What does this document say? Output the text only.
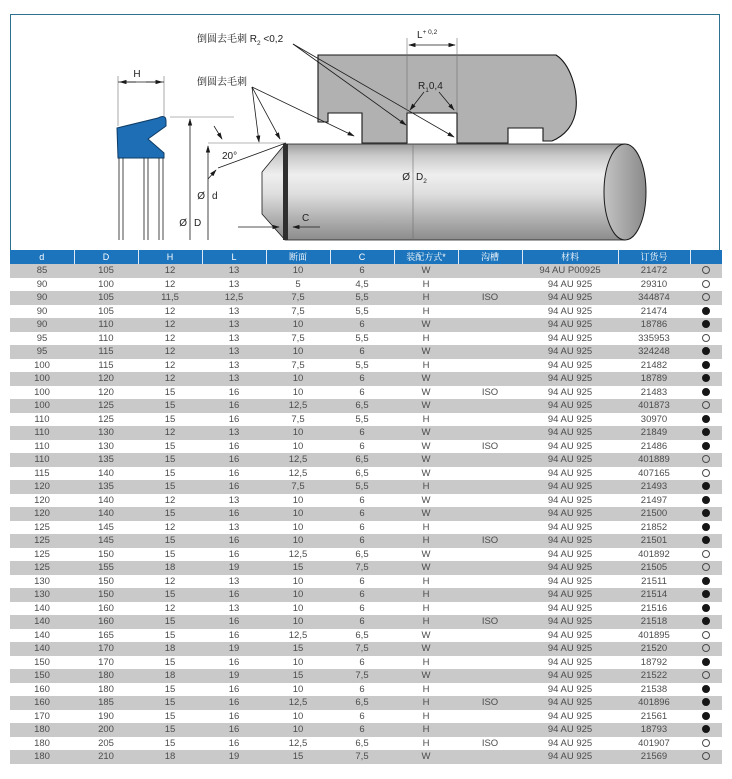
H
倒圆去毛刺 $R_2 <0,2$
倒圆去毛刺
20°
Ø D
Ø d
Ø $D_2$
C
$L^{+ 0,2}$
$R_10,4$
d	D	H	L	断面	C	装配方式*	沟槽	材料	订货号	
85	105	12	13	10	6	W		94 AU P00925	21472	
90	100	12	13	5	4,5	H		94 AU 925	29310	
90	105	11,5	12,5	7,5	5,5	H	ISO	94 AU 925	344874	
90	105	12	13	7,5	5,5	H		94 AU 925	21474	
90	110	12	13	10	6	W		94 AU 925	18786	
95	110	12	13	7,5	5,5	H		94 AU 925	335953	
95	115	12	13	10	6	W		94 AU 925	324248	
100	115	12	13	7,5	5,5	H		94 AU 925	21482	
100	120	12	13	10	6	W		94 AU 925	18789	
100	120	15	16	10	6	W	ISO	94 AU 925	21483	
100	125	15	16	12,5	6,5	W		94 AU 925	401873	
110	125	15	16	7,5	5,5	H		94 AU 925	30970	
110	130	12	13	10	6	W		94 AU 925	21849	
110	130	15	16	10	6	W	ISO	94 AU 925	21486	
110	135	15	16	12,5	6,5	W		94 AU 925	401889	
115	140	15	16	12,5	6,5	W		94 AU 925	407165	
120	135	15	16	7,5	5,5	H		94 AU 925	21493	
120	140	12	13	10	6	W		94 AU 925	21497	
120	140	15	16	10	6	W		94 AU 925	21500	
125	145	12	13	10	6	H		94 AU 925	21852	
125	145	15	16	10	6	H	ISO	94 AU 925	21501	
125	150	15	16	12,5	6,5	W		94 AU 925	401892	
125	155	18	19	15	7,5	W		94 AU 925	21505	
130	150	12	13	10	6	H		94 AU 925	21511	
130	150	15	16	10	6	H		94 AU 925	21514	
140	160	12	13	10	6	H		94 AU 925	21516	
140	160	15	16	10	6	H	ISO	94 AU 925	21518	
140	165	15	16	12,5	6,5	W		94 AU 925	401895	
140	170	18	19	15	7,5	W		94 AU 925	21520	
150	170	15	16	10	6	H		94 AU 925	18792	
150	180	18	19	15	7,5	W		94 AU 925	21522	
160	180	15	16	10	6	H		94 AU 925	21538	
160	185	15	16	12,5	6,5	H	ISO	94 AU 925	401896	
170	190	15	16	10	6	H		94 AU 925	21561	
180	200	15	16	10	6	H		94 AU 925	18793	
180	205	15	16	12,5	6,5	H	ISO	94 AU 925	401907	
180	210	18	19	15	7,5	W		94 AU 925	21569	
